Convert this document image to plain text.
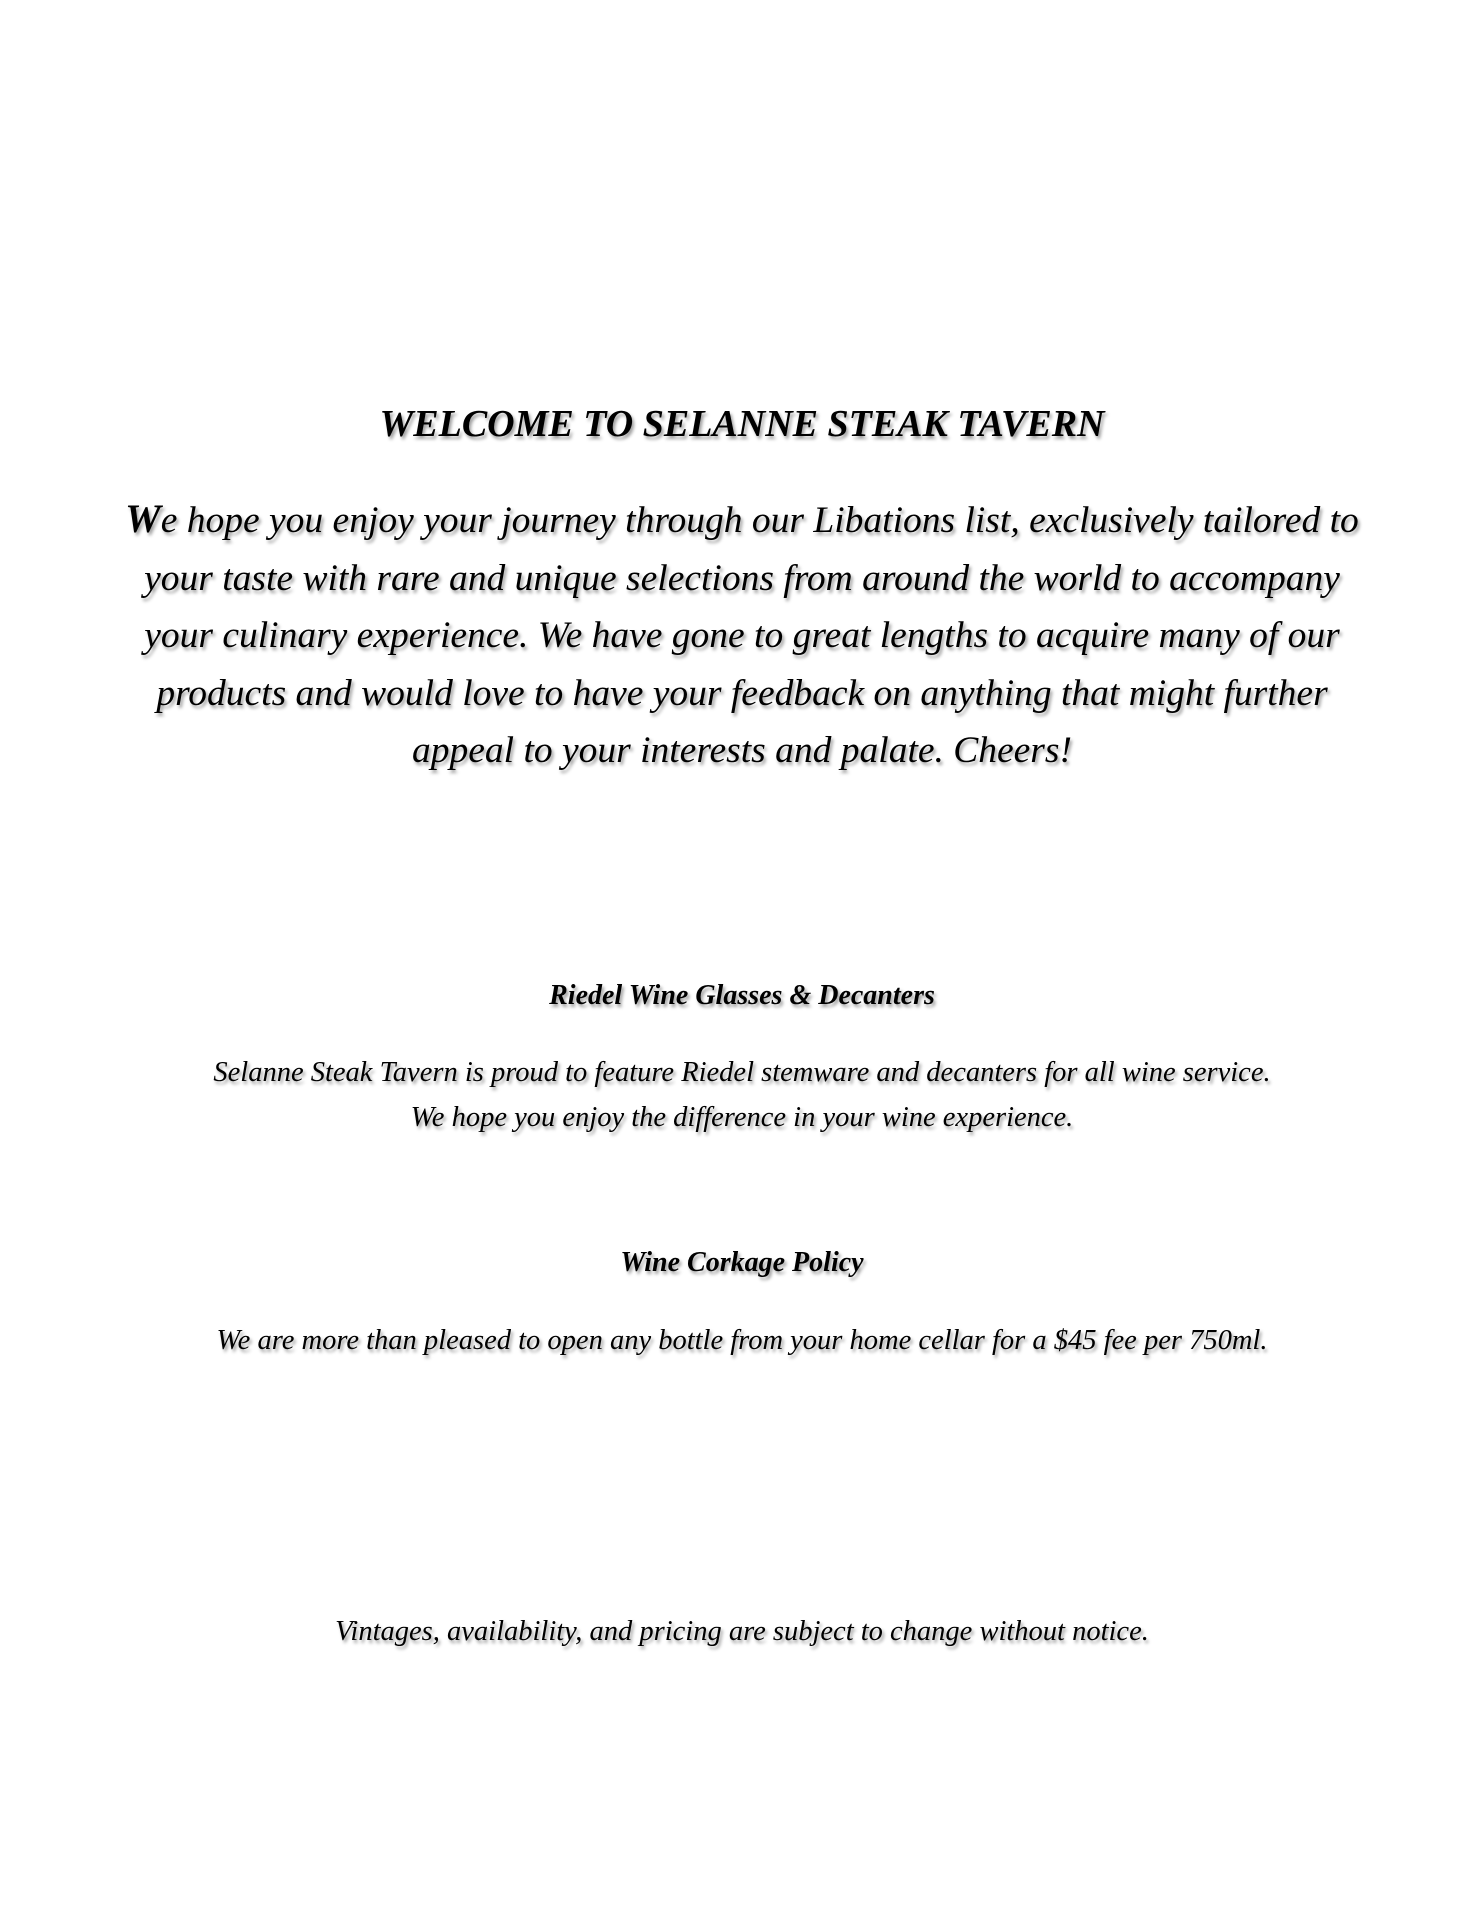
WELCOME TO SELANNE STEAK TAVERN
We hope you enjoy your journey through our Libations list, exclusively tailored to your taste with rare and unique selections from around the world to accompany your culinary experience. We have gone to great lengths to acquire many of our products and would love to have your feedback on anything that might further appeal to your interests and palate. Cheers!
Riedel Wine Glasses & Decanters
Selanne Steak Tavern is proud to feature Riedel stemware and decanters for all wine service.
We hope you enjoy the difference in your wine experience.
Wine Corkage Policy
We are more than pleased to open any bottle from your home cellar for a $45 fee per 750ml.
Vintages, availability, and pricing are subject to change without notice.
